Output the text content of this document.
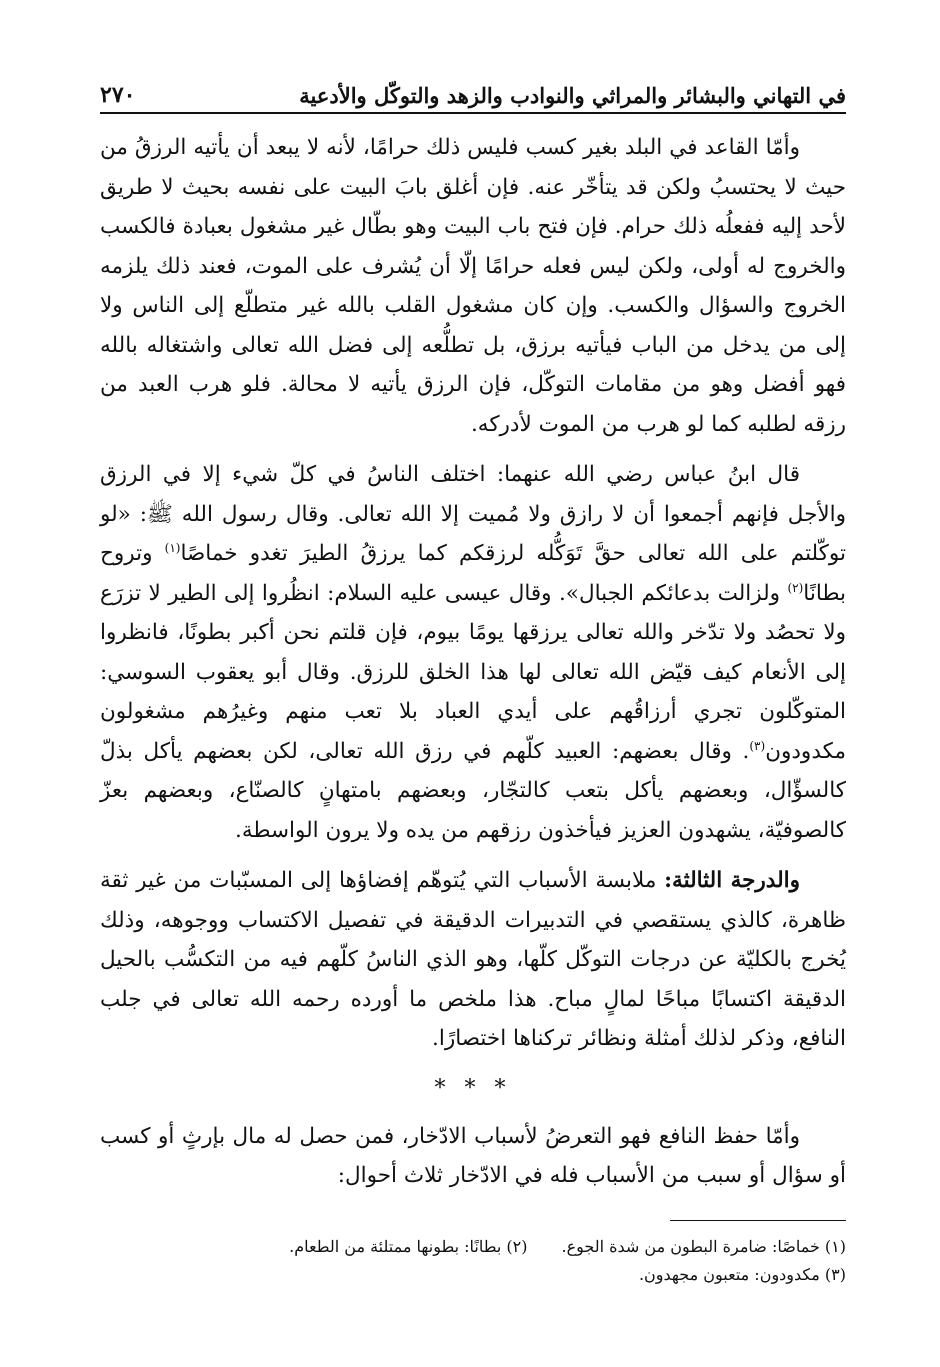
في التهاني والبشائر والمراثي والنوادب والزهد والتوكّل والأدعية
٢٧٠

وأمّا القاعد في البلد بغير كسب فليس ذلك حرامًا، لأنه لا يبعد أن يأتيه الرزقُ من حيث لا يحتسبُ ولكن قد يتأخّر عنه. فإن أغلق بابَ البيت على نفسه بحيث لا طريق لأحد إليه ففعلُه ذلك حرام. فإن فتح باب البيت وهو بطّال غير مشغول بعبادة فالكسب والخروج له أولى، ولكن ليس فعله حرامًا إلّا أن يُشرف على الموت، فعند ذلك يلزمه الخروج والسؤال والكسب. وإن كان مشغول القلب بالله غير متطلّع إلى الناس ولا إلى من يدخل من الباب فيأتيه برزق، بل تطلُّعه إلى فضل الله تعالى واشتغاله بالله فهو أفضل وهو من مقامات التوكّل، فإن الرزق يأتيه لا محالة. فلو هرب العبد من رزقه لطلبه كما لو هرب من الموت لأدركه.

قال ابنُ عباس رضي الله عنهما: اختلف الناسُ في كلّ شيء إلا في الرزق والأجل فإنهم أجمعوا أن لا رازق ولا مُميت إلا الله تعالى. وقال رسول الله ﷺ: «لو توكّلتم على الله تعالى حقَّ تَوَكُّله لرزقكم كما يرزقُ الطيرَ تغدو خماصًا$^{(١)}$ وتروح بطانًا$^{(٢)}$ ولزالت بدعائكم الجبال». وقال عيسى عليه السلام: انظُروا إلى الطير لا تزرَع ولا تحصُد ولا تدّخر والله تعالى يرزقها يومًا بيوم، فإن قلتم نحن أكبر بطونًا، فانظروا إلى الأنعام كيف قيّض الله تعالى لها هذا الخلق للرزق. وقال أبو يعقوب السوسي: المتوكّلون تجري أرزاقُهم على أيدي العباد بلا تعب منهم وغيرُهم مشغولون مكدودون$^{(٣)}$. وقال بعضهم: العبيد كلّهم في رزق الله تعالى، لكن بعضهم يأكل بذلّ كالسؤّال، وبعضهم يأكل بتعب كالتجّار، وبعضهم بامتهانٍ كالصنّاع، وبعضهم بعزّ كالصوفيّة، يشهدون العزيز فيأخذون رزقهم من يده ولا يرون الواسطة.

والدرجة الثالثة: ملابسة الأسباب التي يُتوهّم إفضاؤها إلى المسبّبات من غير ثقة ظاهرة، كالذي يستقصي في التدبيرات الدقيقة في تفصيل الاكتساب ووجوهه، وذلك يُخرج بالكليّة عن درجات التوكّل كلّها، وهو الذي الناسُ كلّهم فيه من التكسُّب بالحيل الدقيقة اكتسابًا مباحًا لمالٍ مباح. هذا ملخص ما أورده رحمه الله تعالى في جلب النافع، وذكر لذلك أمثلة ونظائر تركناها اختصارًا.

* * *

وأمّا حفظ النافع فهو التعرضُ لأسباب الادّخار، فمن حصل له مال بإرثٍ أو كسب أو سؤال أو سبب من الأسباب فله في الادّخار ثلاث أحوال:

(١) خماصًا: ضامرة البطون من شدة الجوع.
(٢) بطانًا: بطونها ممتلئة من الطعام.
(٣) مكدودون: متعبون مجهدون.
